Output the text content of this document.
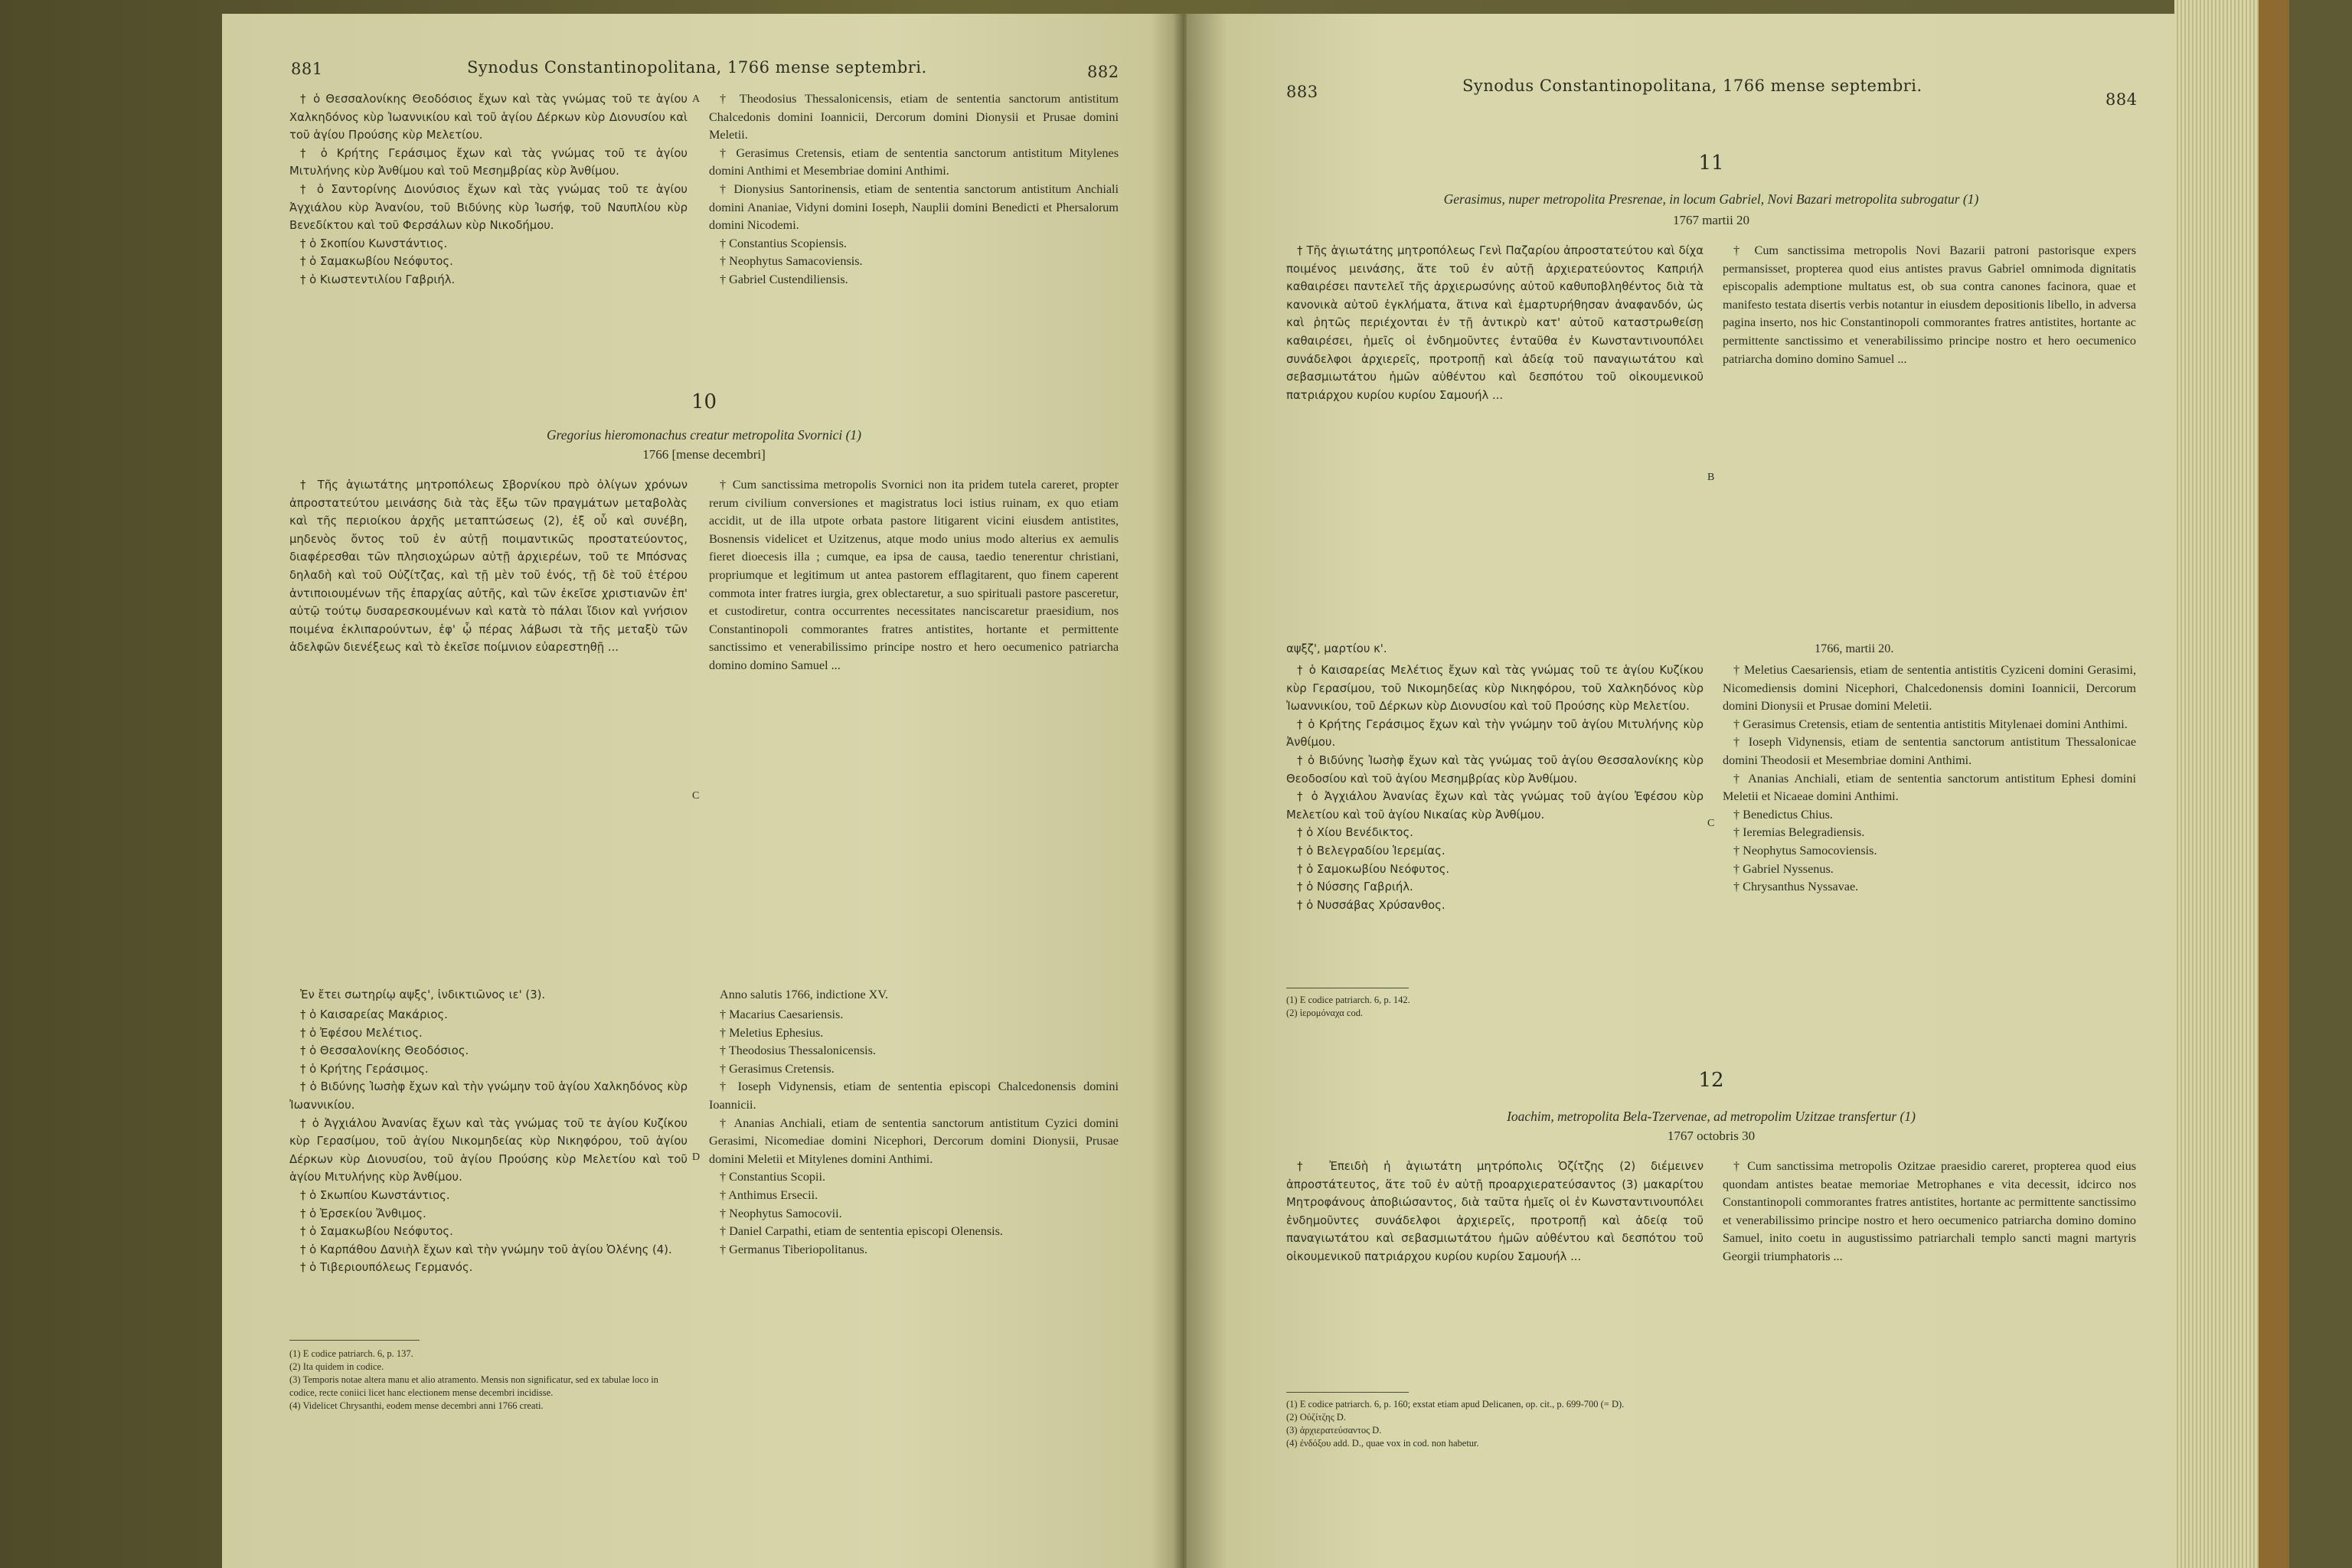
881	Synodus Constantinopolitana, 1766 mense septembri.	882

† ὁ Θεσσαλονίκης Θεοδόσιος ἔχων καὶ τὰς γνώμας τοῦ τε ἁγίου Χαλκηδόνος κὺρ Ἰωαννικίου καὶ τοῦ ἁγίου Δέρκων κὺρ Διονυσίου καὶ τοῦ ἁγίου Προύσης κὺρ Μελετίου.

† ὁ Κρήτης Γεράσιμος ἔχων καὶ τὰς γνώμας τοῦ τε ἁγίου Μιτυλήνης κὺρ Ἀνθίμου καὶ τοῦ Μεσημβρίας κὺρ Ἀνθίμου.

† ὁ Σαντορίνης Διονύσιος ἔχων καὶ τὰς γνώμας τοῦ τε ἁγίου Ἀγχιάλου κὺρ Ἀνανίου, τοῦ Βιδύνης κὺρ Ἰωσήφ, τοῦ Ναυπλίου κὺρ Βενεδίκτου καὶ τοῦ Φερσάλων κὺρ Νικοδήμου.

† ὁ Σκοπίου Κωνστάντιος.

† ὁ Σαμακωβίου Νεόφυτος.

† ὁ Κιωστεντιλίου Γαβριήλ.

A	† Theodosius Thessalonicensis, etiam de sententia sanctorum antistitum Chalcedonis domini Ioannicii, Dercorum domini Dionysii et Prusae domini Meletii.

† Gerasimus Cretensis, etiam de sententia sanctorum antistitum Mitylenes domini Anthimi et Mesembriae domini Anthimi.

† Dionysius Santorinensis, etiam de sententia sanctorum antistitum Anchiali domini Ananiae, Vidyni domini Ioseph, Nauplii domini Benedicti et Phersalorum domini Nicodemi.

† Constantius Scopiensis.

† Neophytus Samacoviensis.

† Gabriel Custendiliensis.

10
Gregorius hieromonachus creatur metropolita Svornici (1)
1766 [mense decembri]

† Τῆς ἁγιωτάτης μητροπόλεως Σβορνίκου πρὸ ὀλίγων χρόνων ἀπροστατεύτου μεινάσης διὰ τὰς ἔξω τῶν πραγμάτων μεταβολὰς καὶ τῆς περιοίκου ἀρχῆς μεταπτώσεως (2), ἐξ οὗ καὶ συνέβη, μηδενὸς ὄντος τοῦ ἐν αὐτῇ ποιμαντικῶς προστατεύοντος, διαφέρεσθαι τῶν πλησιοχώρων αὐτῇ ἀρχιερέων, τοῦ τε Μπόσνας δηλαδὴ καὶ τοῦ Οὐζίτζας, καὶ τῇ μὲν τοῦ ἑνός, τῇ δὲ τοῦ ἑτέρου ἀντιποιουμένων τῆς ἐπαρχίας αὐτῆς, καὶ τῶν ἐκεῖσε χριστιανῶν ἐπ' αὐτῷ τούτῳ δυσαρεσκουμένων καὶ κατὰ τὸ πάλαι ἴδιον καὶ γνήσιον ποιμένα ἐκλιπαρούντων, ἐφ' ᾧ πέρας λάβωσι τὰ τῆς μεταξὺ τῶν ἀδελφῶν διενέξεως καὶ τὸ ἐκεῖσε ποίμνιον εὐαρεστηθῇ ...

C

† Cum sanctissima metropolis Svornici non ita pridem tutela careret, propter rerum civilium conversiones et magistratus loci istius ruinam, ex quo etiam accidit, ut de illa utpote orbata pastore litigarent vicini eiusdem antistites, Bosnensis videlicet et Uzitzenus, atque modo unius modo alterius ex aemulis fieret dioecesis illa ; cumque, ea ipsa de causa, taedio tenerentur christiani, propriumque et legitimum ut antea pastorem efflagitarent, quo finem caperent commota inter fratres iurgia, grex oblectaretur, a suo spirituali pastore pasceretur, et custodiretur, contra occurrentes necessitates nanciscaretur praesidium, nos Constantinopoli commorantes fratres antistites, hortante et permittente sanctissimo et venerabilissimo principe nostro et hero oecumenico patriarcha domino domino Samuel ...

Ἐν ἔτει σωτηρίῳ αψξς', ἰνδικτιῶνος ιε' (3).	Anno salutis 1766, indictione XV.

† ὁ Καισαρείας Μακάριος.

† ὁ Ἐφέσου Μελέτιος.

† ὁ Θεσσαλονίκης Θεοδόσιος.

† ὁ Κρήτης Γεράσιμος.

† ὁ Βιδύνης Ἰωσὴφ ἔχων καὶ τὴν γνώμην τοῦ ἁγίου Χαλκηδόνος κὺρ Ἰωαννικίου.

† ὁ Ἀγχιάλου Ἀνανίας ἔχων καὶ τὰς γνώμας τοῦ τε ἁγίου Κυζίκου κὺρ Γερασίμου, τοῦ ἁγίου Νικομηδείας κὺρ Νικηφόρου, τοῦ ἁγίου Δέρκων κὺρ Διονυσίου, τοῦ ἁγίου Προύσης κὺρ Μελετίου καὶ τοῦ ἁγίου Μιτυλήνης κὺρ Ἀνθίμου.

† ὁ Σκωπίου Κωνστάντιος.

† ὁ Ἐρσεκίου Ἄνθιμος.

† ὁ Σαμακωβίου Νεόφυτος.

† ὁ Καρπάθου Δανιὴλ ἔχων καὶ τὴν γνώμην τοῦ ἁγίου Ὀλένης (4).

† ὁ Τιβεριουπόλεως Γερμανός.

D

† Macarius Caesariensis.

† Meletius Ephesius.

† Theodosius Thessalonicensis.

† Gerasimus Cretensis.

† Ioseph Vidynensis, etiam de sententia episcopi Chalcedonensis domini Ioannicii.

† Ananias Anchiali, etiam de sententia sanctorum antistitum Cyzici domini Gerasimi, Nicomediae domini Nicephori, Dercorum domini Dionysii, Prusae domini Meletii et Mitylenes domini Anthimi.

† Constantius Scopii.

† Anthimus Ersecii.

† Neophytus Samocovii.

† Daniel Carpathi, etiam de sententia episcopi Olenensis.

† Germanus Tiberiopolitanus.

(1) E codice patriarch. 6, p. 137.

(2) Ita quidem in codice.

(3) Temporis notae altera manu et alio atramento. Mensis non significatur, sed ex tabulae loco in codice, recte coniici licet hanc electionem mense decembri incidisse.

(4) Videlicet Chrysanthi, eodem mense decembri anni 1766 creati.

883	Synodus Constantinopolitana, 1766 mense septembri.
884
11
Gerasimus, nuper metropolita Presrenae, in locum Gabriel, Novi Bazari metropolita subrogatur (1)
1767 martii 20

† Τῆς ἁγιωτάτης μητροπόλεως Γενὶ Παζαρίου ἀπροστατεύτου καὶ δίχα ποιμένος μεινάσης, ἅτε τοῦ ἐν αὐτῇ ἀρχιερατεύοντος Καπριήλ καθαιρέσει παντελεῖ τῆς ἀρχιερωσύνης αὐτοῦ καθυποβληθέντος διὰ τὰ κανονικὰ αὐτοῦ ἐγκλήματα, ἅτινα καὶ ἐμαρτυρήθησαν ἀναφανδόν, ὡς καὶ ῥητῶς περιέχονται ἐν τῇ ἀντικρὺ κατ' αὐτοῦ καταστρωθείσῃ καθαιρέσει, ἡμεῖς οἱ ἐνδημοῦντες ἐνταῦθα ἐν Κωνσταντινουπόλει συνάδελφοι ἀρχιερεῖς, προτροπῇ καὶ ἀδείᾳ τοῦ παναγιωτάτου καὶ σεβασμιωτάτου ἡμῶν αὐθέντου καὶ δεσπότου τοῦ οἰκουμενικοῦ πατριάρχου κυρίου κυρίου Σαμουήλ ...

B

† Cum sanctissima metropolis Novi Bazarii patroni pastorisque expers permansisset, propterea quod eius antistes pravus Gabriel omnimoda dignitatis episcopalis ademptione multatus est, ob sua contra canones facinora, quae et manifesto testata disertis verbis notantur in eiusdem depositionis libello, in adversa pagina inserto, nos hic Constantinopoli commorantes fratres antistites, hortante ac permittente sanctissimo et venerabilissimo principe nostro et hero oecumenico patriarcha domino domino Samuel ...

αψξζ', μαρτίου κ'.	1766, martii 20.

† ὁ Καισαρείας Μελέτιος ἔχων καὶ τὰς γνώμας τοῦ τε ἁγίου Κυζίκου κὺρ Γερασίμου, τοῦ Νικομηδείας κὺρ Νικηφόρου, τοῦ Χαλκηδόνος κὺρ Ἰωαννικίου, τοῦ Δέρκων κὺρ Διονυσίου καὶ τοῦ Προύσης κὺρ Μελετίου.

† ὁ Κρήτης Γεράσιμος ἔχων καὶ τὴν γνώμην τοῦ ἁγίου Μιτυλήνης κὺρ Ἀνθίμου.

† ὁ Βιδύνης Ἰωσὴφ ἔχων καὶ τὰς γνώμας τοῦ ἁγίου Θεσσαλονίκης κὺρ Θεοδοσίου καὶ τοῦ ἁγίου Μεσημβρίας κὺρ Ἀνθίμου.

† ὁ Ἀγχιάλου Ἀνανίας ἔχων καὶ τὰς γνώμας τοῦ ἁγίου Ἐφέσου κὺρ Μελετίου καὶ τοῦ ἁγίου Νικαίας κὺρ Ἀνθίμου.

† ὁ Χίου Βενέδικτος.

† ὁ Βελεγραδίου Ἱερεμίας.

† ὁ Σαμοκωβίου Νεόφυτος.

† ὁ Νύσσης Γαβριήλ.

† ὁ Νυσσάβας Χρύσανθος.

C

† Meletius Caesariensis, etiam de sententia antistitis Cyziceni domini Gerasimi, Nicomediensis domini Nicephori, Chalcedonensis domini Ioannicii, Dercorum domini Dionysii et Prusae domini Meletii.

† Gerasimus Cretensis, etiam de sententia antistitis Mitylenaei domini Anthimi.

† Ioseph Vidynensis, etiam de sententia sanctorum antistitum Thessalonicae domini Theodosii et Mesembriae domini Anthimi.

† Ananias Anchiali, etiam de sententia sanctorum antistitum Ephesi domini Meletii et Nicaeae domini Anthimi.

† Benedictus Chius.

† Ieremias Belegradiensis.

† Neophytus Samocoviensis.

† Gabriel Nyssenus.

† Chrysanthus Nyssavae.

(1) E codice patriarch. 6, p. 142.

(2) ἱερομόναχα cod.

12
Ioachim, metropolita Bela-Tzervenae, ad metropolim Uzitzae transfertur (1)
1767 octobris 30

† Ἐπειδὴ ἡ ἁγιωτάτη μητρόπολις Ὀζίτζης (2) διέμεινεν ἀπροστάτευτος, ἅτε τοῦ ἐν αὐτῇ προαρχιερατεύσαντος (3) μακαρίτου Μητροφάνους ἀποβιώσαντος, διὰ ταῦτα ἡμεῖς οἱ ἐν Κωνσταντινουπόλει ἐνδημοῦντες συνάδελφοι ἀρχιερεῖς, προτροπῇ καὶ ἀδείᾳ τοῦ παναγιωτάτου καὶ σεβασμιωτάτου ἡμῶν αὐθέντου καὶ δεσπότου τοῦ οἰκουμενικοῦ πατριάρχου κυρίου κυρίου Σαμουήλ ...

† Cum sanctissima metropolis Ozitzae praesidio careret, propterea quod eius quondam antistes beatae memoriae Metrophanes e vita decessit, idcirco nos Constantinopoli commorantes fratres antistites, hortante ac permittente sanctissimo et venerabilissimo principe nostro et hero oecumenico patriarcha domino domino Samuel, inito coetu in augustissimo patriarchali templo sancti magni martyris Georgii triumphatoris ...

(1) E codice patriarch. 6, p. 160; exstat etiam apud Delicanen, op. cit., p. 699-700 (= D).

(2) Οὐζίτζης D.

(3) ἀρχιερατεύσαντος D.

(4) ἐνδόξου add. D., quae vox in cod. non habetur.
